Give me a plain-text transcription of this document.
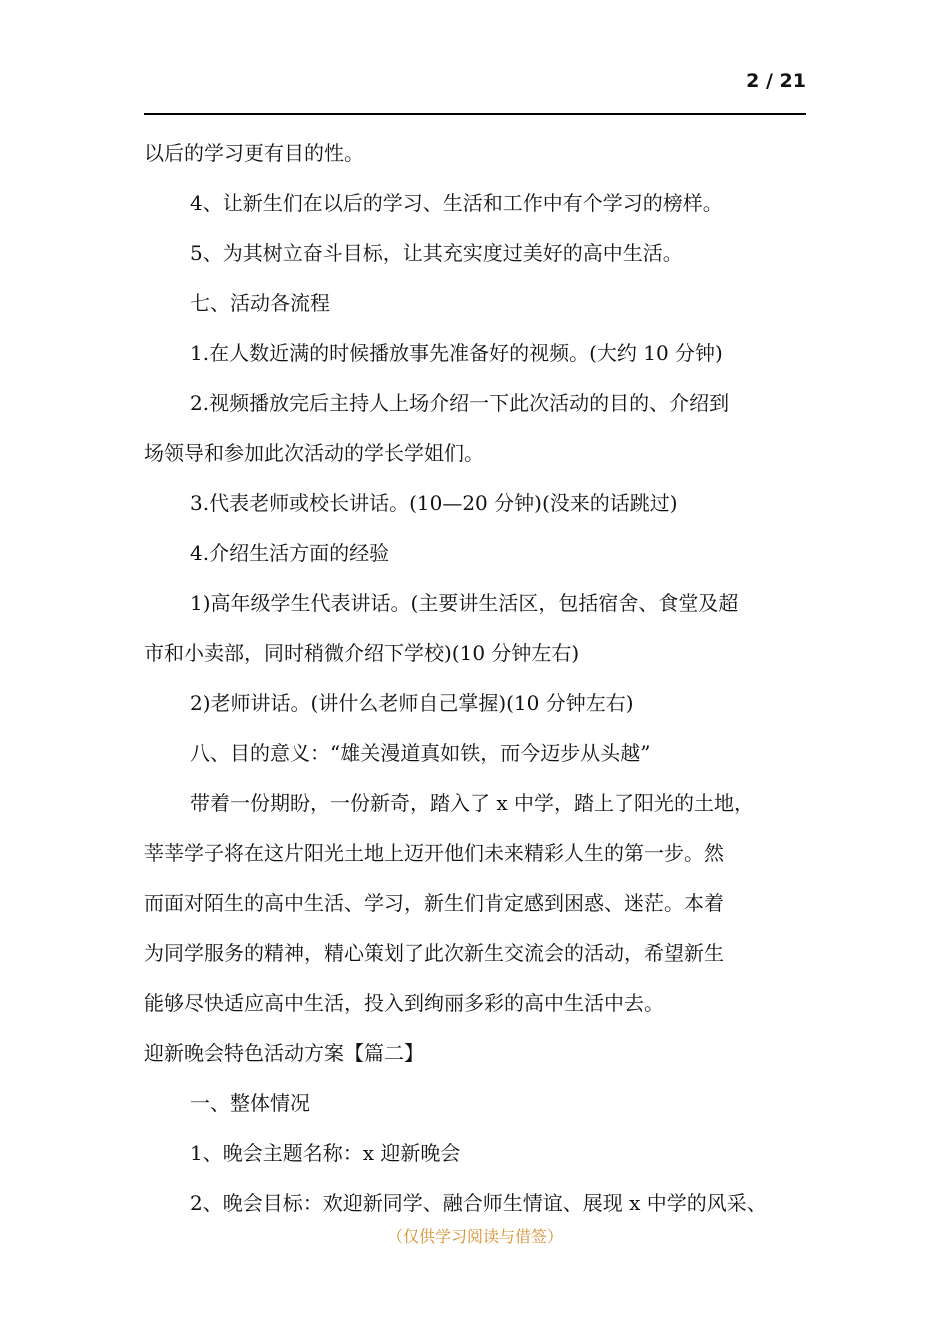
2 / 21
以后的学习更有目的性。
4、让新生们在以后的学习、生活和工作中有个学习的榜样。
5、为其树立奋斗目标，让其充实度过美好的高中生活。
七、活动各流程
1.在人数近满的时候播放事先准备好的视频。(大约 10 分钟)
2.视频播放完后主持人上场介绍一下此次活动的目的、介绍到
场领导和参加此次活动的学长学姐们。
3.代表老师或校长讲话。(10—20 分钟)(没来的话跳过)
4.介绍生活方面的经验
1)高年级学生代表讲话。(主要讲生活区，包括宿舍、食堂及超
市和小卖部，同时稍微介绍下学校)(10 分钟左右)
2)老师讲话。(讲什么老师自己掌握)(10 分钟左右)
八、目的意义：“雄关漫道真如铁，而今迈步从头越”
带着一份期盼，一份新奇，踏入了 x 中学，踏上了阳光的土地，
莘莘学子将在这片阳光土地上迈开他们未来精彩人生的第一步。然
而面对陌生的高中生活、学习，新生们肯定感到困惑、迷茫。本着
为同学服务的精神，精心策划了此次新生交流会的活动，希望新生
能够尽快适应高中生活，投入到绚丽多彩的高中生活中去。
迎新晚会特色活动方案【篇二】
一、整体情况
1、晚会主题名称：x 迎新晚会
2、晚会目标：欢迎新同学、融合师生情谊、展现 x 中学的风采、
（仅供学习阅读与借签）
